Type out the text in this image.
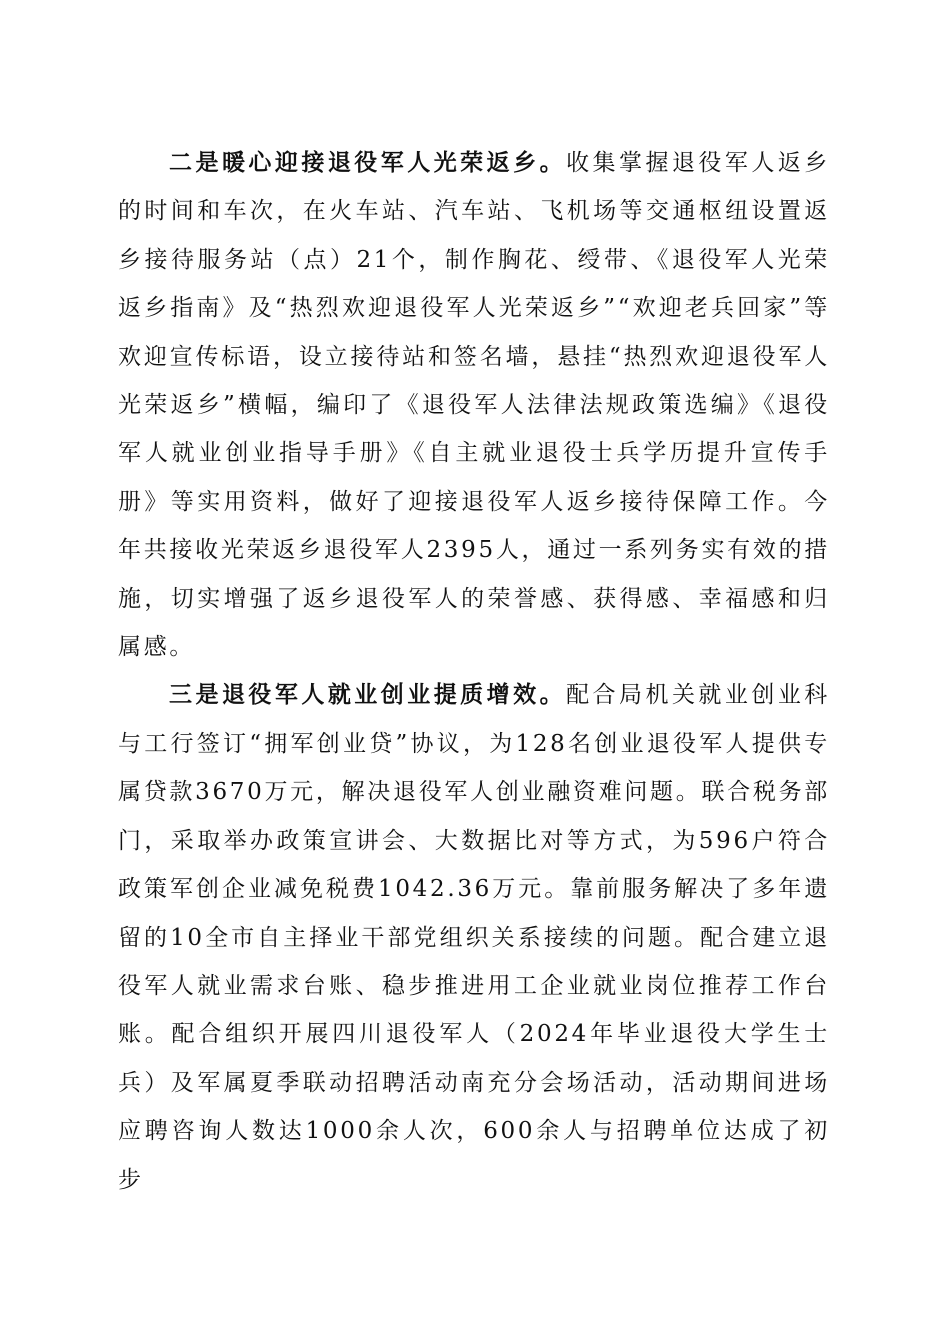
二是暖心迎接退役军人光荣返乡。收集掌握退役军人返乡的时间和车次，在火车站、汽车站、飞机场等交通枢纽设置返乡接待服务站（点）21个，制作胸花、绶带、《退役军人光荣返乡指南》及“热烈欢迎退役军人光荣返乡”“欢迎老兵回家”等欢迎宣传标语，设立接待站和签名墙，悬挂“热烈欢迎退役军人光荣返乡”横幅，编印了《退役军人法律法规政策选编》《退役军人就业创业指导手册》《自主就业退役士兵学历提升宣传手册》等实用资料，做好了迎接退役军人返乡接待保障工作。今年共接收光荣返乡退役军人2395人，通过一系列务实有效的措施，切实增强了返乡退役军人的荣誉感、获得感、幸福感和归属感。

三是退役军人就业创业提质增效。配合局机关就业创业科与工行签订“拥军创业贷”协议，为128名创业退役军人提供专属贷款3670万元，解决退役军人创业融资难问题。联合税务部门，采取举办政策宣讲会、大数据比对等方式，为596户符合政策军创企业减免税费1042.36万元。靠前服务解决了多年遗留的10全市自主择业干部党组织关系接续的问题。配合建立退役军人就业需求台账、稳步推进用工企业就业岗位推荐工作台账。配合组织开展四川退役军人（2024年毕业退役大学生士兵）及军属夏季联动招聘活动南充分会场活动，活动期间进场应聘咨询人数达1000余人次，600余人与招聘单位达成了初步
